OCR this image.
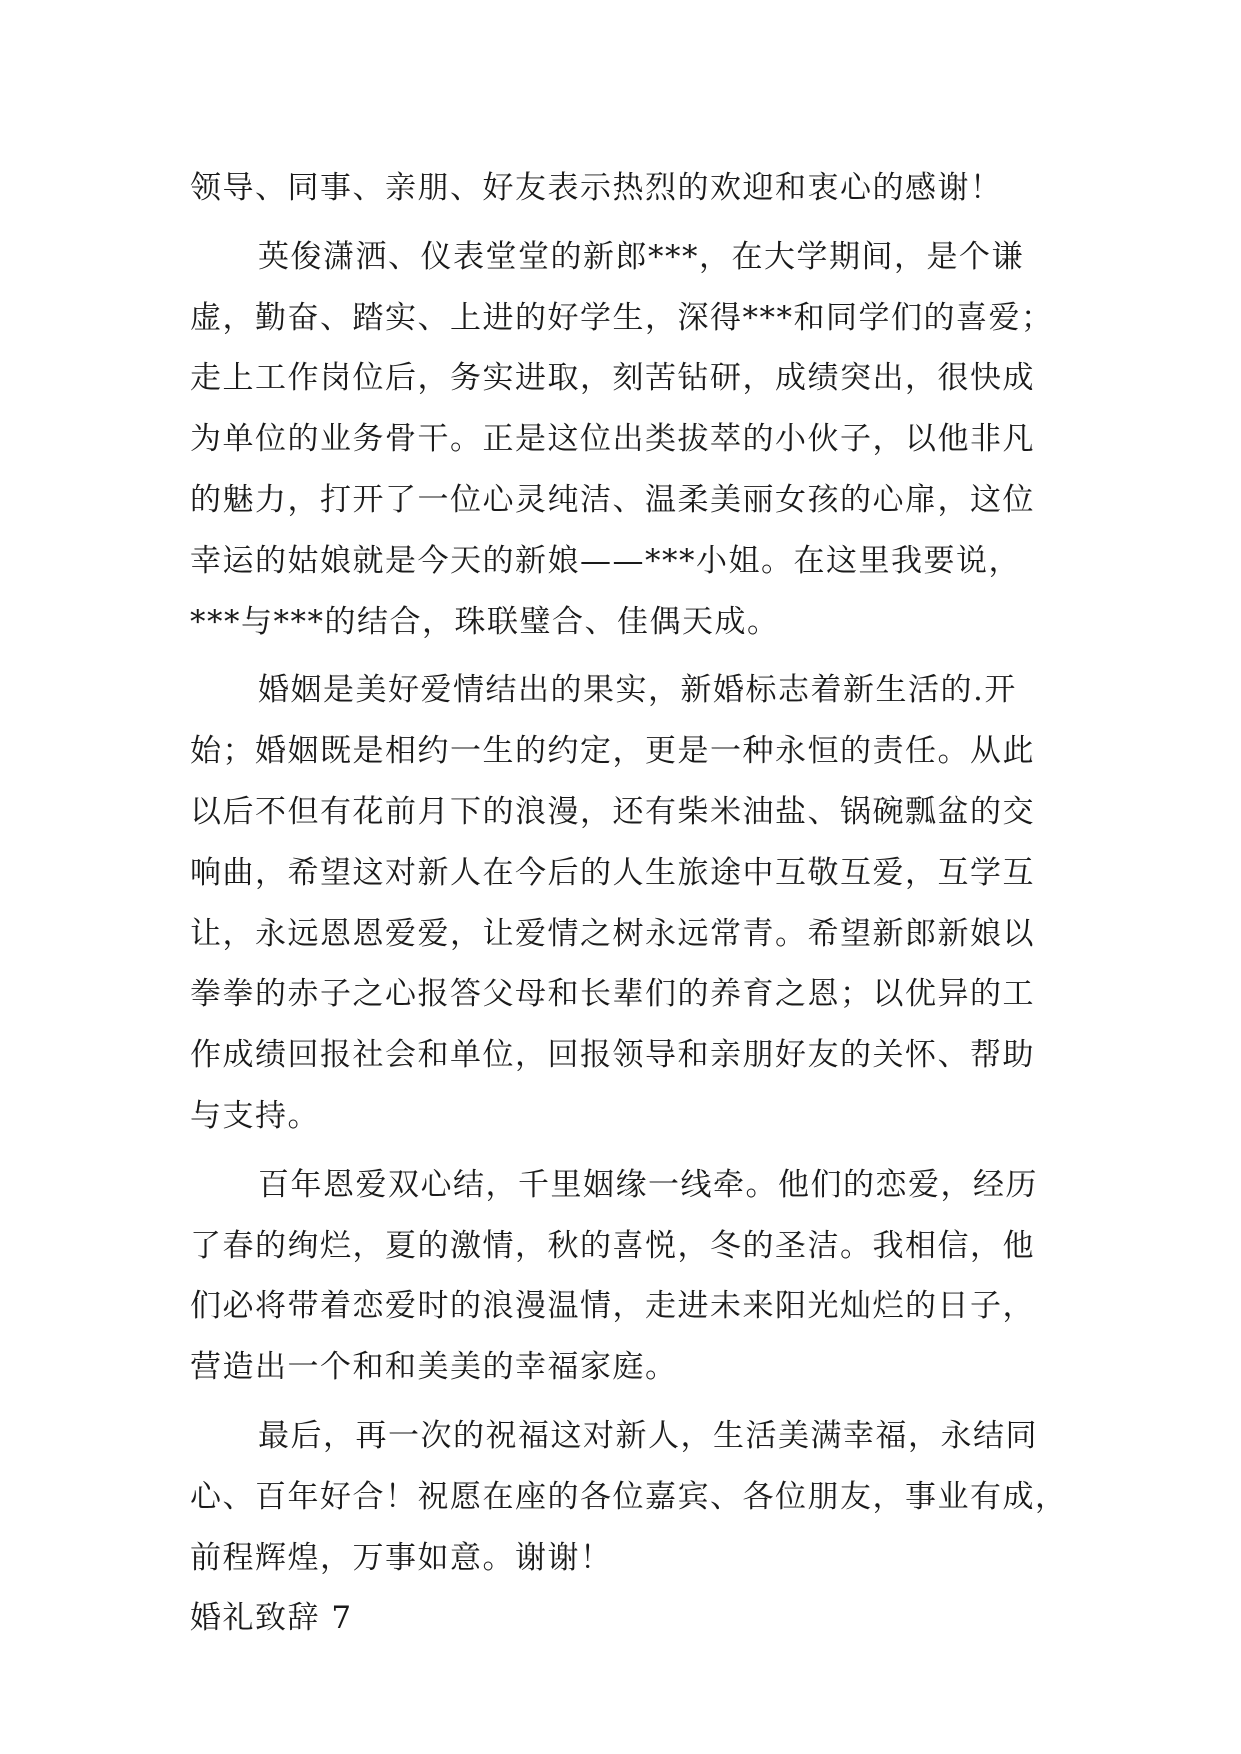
领导、同事、亲朋、好友表示热烈的欢迎和衷心的感谢！
英俊潇洒、仪表堂堂的新郎***，在大学期间，是个谦
虚，勤奋、踏实、上进的好学生，深得***和同学们的喜爱；
走上工作岗位后，务实进取，刻苦钻研，成绩突出，很快成
为单位的业务骨干。正是这位出类拔萃的小伙子，以他非凡
的魅力，打开了一位心灵纯洁、温柔美丽女孩的心扉，这位
幸运的姑娘就是今天的新娘——***小姐。在这里我要说，
***与***的结合，珠联璧合、佳偶天成。
婚姻是美好爱情结出的果实，新婚标志着新生活的.开
始；婚姻既是相约一生的约定，更是一种永恒的责任。从此
以后不但有花前月下的浪漫，还有柴米油盐、锅碗瓢盆的交
响曲，希望这对新人在今后的人生旅途中互敬互爱，互学互
让，永远恩恩爱爱，让爱情之树永远常青。希望新郎新娘以
拳拳的赤子之心报答父母和长辈们的养育之恩；以优异的工
作成绩回报社会和单位，回报领导和亲朋好友的关怀、帮助
与支持。
百年恩爱双心结，千里姻缘一线牵。他们的恋爱，经历
了春的绚烂，夏的激情，秋的喜悦，冬的圣洁。我相信，他
们必将带着恋爱时的浪漫温情，走进未来阳光灿烂的日子，
营造出一个和和美美的幸福家庭。
最后，再一次的祝福这对新人，生活美满幸福，永结同
心、百年好合！祝愿在座的各位嘉宾、各位朋友，事业有成，
前程辉煌，万事如意。谢谢！
婚礼致辞 7
